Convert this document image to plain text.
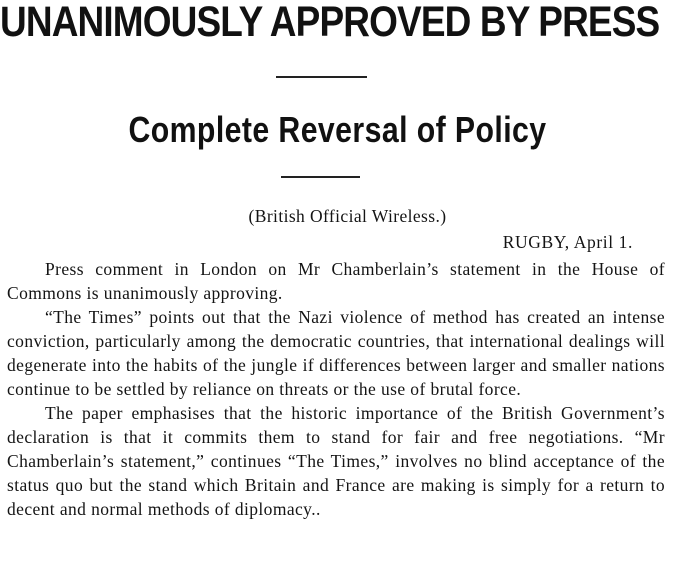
UNANIMOUSLY APPROVED BY PRESS
Complete Reversal of Policy
(British Official Wireless.)
RUGBY, April 1.

Press comment in London on Mr Chamberlain’s statement in the House of Commons is unanimously approving.

“The Times” points out that the Nazi violence of method has created an intense conviction, particularly among the democratic countries, that international dealings will degenerate into the habits of the jungle if differences between larger and smaller nations continue to be settled by reliance on threats or the use of brutal force.

The paper emphasises that the historic importance of the British Government’s declaration is that it commits them to stand for fair and free negotiations. “Mr Chamberlain’s statement,” continues “The Times,” involves no blind acceptance of the status quo but the stand which Britain and France are making is simply for a return to decent and normal methods of diplomacy..
